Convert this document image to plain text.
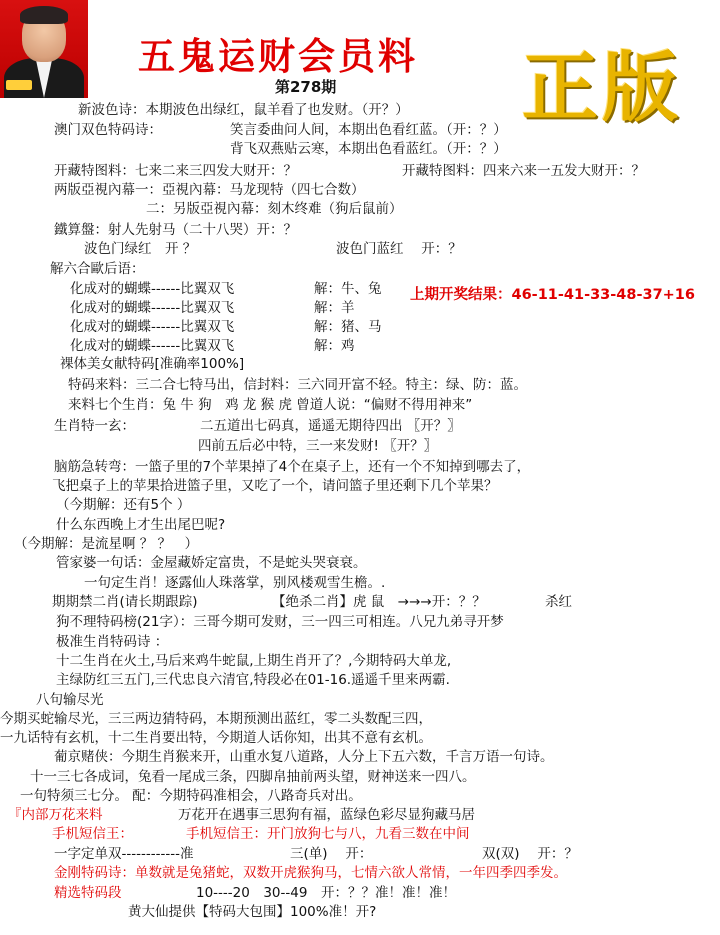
五鬼运财会员料
第278期 正版
上期开奖结果：46-11-41-33-48-37+16
新波色诗：本期波色出绿红，鼠羊看了也发财。（开？）
澳门双色特码诗：	笑言委曲问人间，本期出色看红蓝。（开：？）
背飞双燕贴云寒，本期出色看蓝红。（开：？）
开藏特图料：七来二来三四发大财开：？	开藏特图料：四来六来一五发大财开：？
两版亞視內幕一：亞視內幕：马龙现特（四七合数）
二：另版亞視內幕：刻木终难（狗后鼠前）
鐵算盤：射人先射马（二十八哭）开：？
波色门绿红　开 ？	波色门蓝红　 开：？
解六合歐后语：
化成对的蝴蝶------比翼双飞	解：牛、兔
化成对的蝴蝶------比翼双飞	解：羊
化成对的蝴蝶------比翼双飞	解：猪、马
化成对的蝴蝶------比翼双飞	解：鸡
裸体美女献特码[准确率100%]
特码来料：三二合七特马出，信封料：三六同开富不轻。特主：绿、防：蓝。
来料七个生肖：兔 牛 狗　鸡 龙 猴 虎 曾道人说：“偏财不得用神来”
生肖特一玄：	二五道出七码真，遥遥无期待四出 〖开？〗
四前五后必中特，三一来发财! 〖开？〗
脑筋急转弯：一篮子里的7个苹果掉了4个在桌子上，还有一个不知掉到哪去了，
飞把桌子上的苹果拾进篮子里，又吃了一个，请问篮子里还剩下几个苹果？
（今期解：还有5个 ）
什么东西晚上才生出尾巴呢?
（今期解：是流星啊 ？ ？　）
管家婆一句话：金屋藏娇定富贵，不是蛇头哭衰衰。
一句定生肖！逐露仙人珠落掌，别风楼观雪生檐。.
期期禁二肖(请长期跟踪)	【绝杀二肖】虎 鼠　→→→开：？？	杀红
狗不理特码榜(21字）：三哥今期可发财，三一四三可相连。八兄九弟寻开梦
极准生肖特码诗 ：
十二生肖在火土,马后来鸡牛蛇鼠,上期生肖开了？,今期特码大单龙,
主绿防红三五门,三代忠良六清官,特段必在01-16.遥遥千里来两霸.
八句输尽光
今期买蛇输尽光，三三两边猜特码，本期预测出蓝红，零二头数配三四，
一九话特有玄机，十二生肖要出特，今期道人话你知，出其不意有玄机。
葡京赌侠：今期生肖猴来开，山重水复八道路，人分上下五六数，千言万语一句诗。
十一三七各成词，兔看一尾成三条，四脚帛抽前两头望，财神送来一四八。
一句特须三七分。 配：今期特码准相会，八路奇兵对出。
『内部万花来料	万花开在遇事三思狗有福，蓝绿色彩尽显狗藏马居
手机短信王：	手机短信王：开门放狗七与八，九看三数在中间
一字定单双------------准	三(单)　 开：	双(双)　 开：？
金刚特码诗：单数就是兔猪蛇，双数开虎猴狗马，七情六欲人常情，一年四季四季发。
精选特码段	10----20　30--49　开：？？准！准！准！
黄大仙提供【特码大包围】100%准！开?
